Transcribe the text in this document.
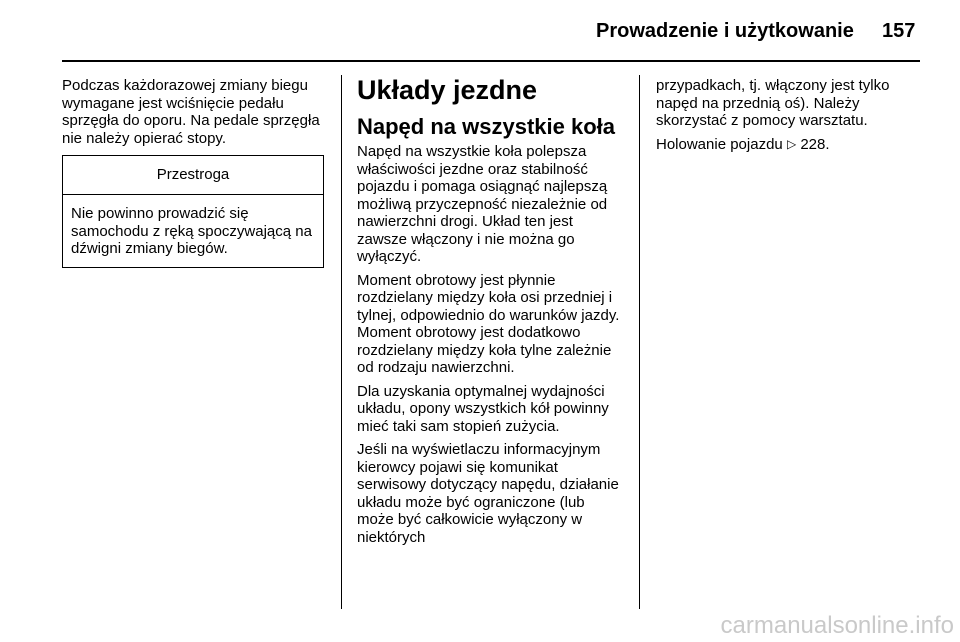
Prowadzenie i użytkowanie 157

Podczas każdorazowej zmiany biegu wymagane jest wciśnięcie pedału sprzęgła do oporu. Na pedale sprzęgła nie należy opierać stopy.

Przestroga
Nie powinno prowadzić się samochodu z ręką spoczywającą na dźwigni zmiany biegów.
Układy jezdne
Napęd na wszystkie koła

Napęd na wszystkie koła polepsza właściwości jezdne oraz stabilność pojazdu i pomaga osiągnąć najlepszą możliwą przyczepność niezależnie od nawierzchni drogi. Układ ten jest zawsze włączony i nie można go wyłączyć.

Moment obrotowy jest płynnie rozdzielany między koła osi przedniej i tylnej, odpowiednio do warunków jazdy. Moment obrotowy jest dodatkowo rozdzielany między koła tylne zależnie od rodzaju nawierzchni.

Dla uzyskania optymalnej wydajności układu, opony wszystkich kół powinny mieć taki sam stopień zużycia.

Jeśli na wyświetlaczu informacyjnym kierowcy pojawi się komunikat serwisowy dotyczący napędu, działanie układu może być ograniczone (lub może być całkowicie wyłączony w niektórych

przypadkach, tj. włączony jest tylko napęd na przednią oś). Należy skorzystać z pomocy warsztatu.

Holowanie pojazdu ▷ 228.

carmanualsonline.info
